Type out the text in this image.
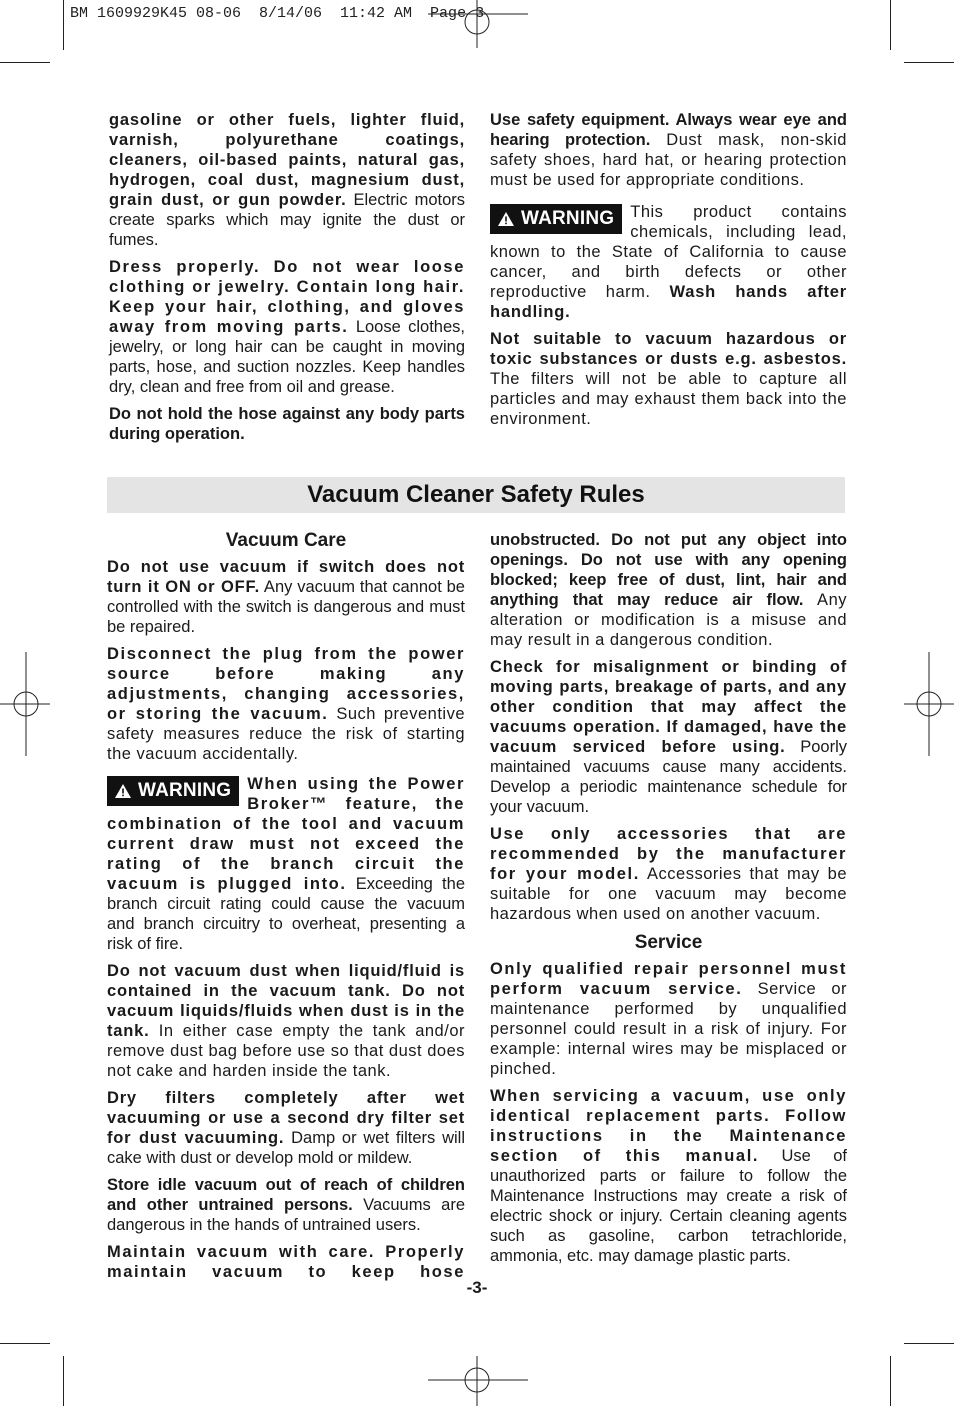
BM 1609929K45 08-06  8/14/06  11:42 AM  Page 3

gasoline or other fuels, lighter fluid, varnish, polyurethane coatings, cleaners, oil-based paints, natural gas, hydrogen, coal dust, magnesium dust, grain dust, or gun powder. Electric motors create sparks which may ignite the dust or fumes.

Dress properly. Do not wear loose clothing or jewelry. Contain long hair. Keep your hair, clothing, and gloves away from moving parts. Loose clothes, jewelry, or long hair can be caught in moving parts, hose, and suction nozzles. Keep handles dry, clean and free from oil and grease.

Do not hold the hose against any body parts during operation.

Use safety equipment. Always wear eye and hearing protection. Dust mask, non-skid safety shoes, hard hat, or hearing protection must be used for appropriate conditions.

WARNING This product contains chemicals, including lead, known to the State of California to cause cancer, and birth defects or other reproductive harm. Wash hands after handling.

Not suitable to vacuum hazardous or toxic substances or dusts e.g. asbestos. The filters will not be able to capture all particles and may exhaust them back into the environment.

Vacuum Cleaner Safety Rules
Vacuum Care

Do not use vacuum if switch does not turn it ON or OFF. Any vacuum that cannot be controlled with the switch is dangerous and must be repaired.

Disconnect the plug from the power source before making any adjustments, changing accessories, or storing the vacuum. Such preventive safety measures reduce the risk of starting the vacuum accidentally.

WARNING When using the Power Broker™ feature, the combination of the tool and vacuum current draw must not exceed the rating of the branch circuit the vacuum is plugged into. Exceeding the branch circuit rating could cause the vacuum and branch circuitry to overheat, presenting a risk of fire.

Do not vacuum dust when liquid/fluid is contained in the vacuum tank. Do not vacuum liquids/fluids when dust is in the tank. In either case empty the tank and/or remove dust bag before use so that dust does not cake and harden inside the tank.

Dry filters completely after wet vacuuming or use a second dry filter set for dust vacuuming. Damp or wet filters will cake with dust or develop mold or mildew.

Store idle vacuum out of reach of children and other untrained persons. Vacuums are dangerous in the hands of untrained users.

Maintain vacuum with care. Properly maintain vacuum to keep hose

unobstructed. Do not put any object into openings. Do not use with any opening blocked; keep free of dust, lint, hair and anything that may reduce air flow. Any alteration or modification is a misuse and may result in a dangerous condition.

Check for misalignment or binding of moving parts, breakage of parts, and any other condition that may affect the vacuums operation. If damaged, have the vacuum serviced before using. Poorly maintained vacuums cause many accidents. Develop a periodic maintenance schedule for your vacuum.

Use only accessories that are recommended by the manufacturer for your model. Accessories that may be suitable for one vacuum may become hazardous when used on another vacuum.

Service

Only qualified repair personnel must perform vacuum service. Service or maintenance performed by unqualified personnel could result in a risk of injury. For example: internal wires may be misplaced or pinched.

When servicing a vacuum, use only identical replacement parts. Follow instructions in the Maintenance section of this manual. Use of unauthorized parts or failure to follow the Maintenance Instructions may create a risk of electric shock or injury. Certain cleaning agents such as gasoline, carbon tetrachloride, ammonia, etc. may damage plastic parts.

-3-
